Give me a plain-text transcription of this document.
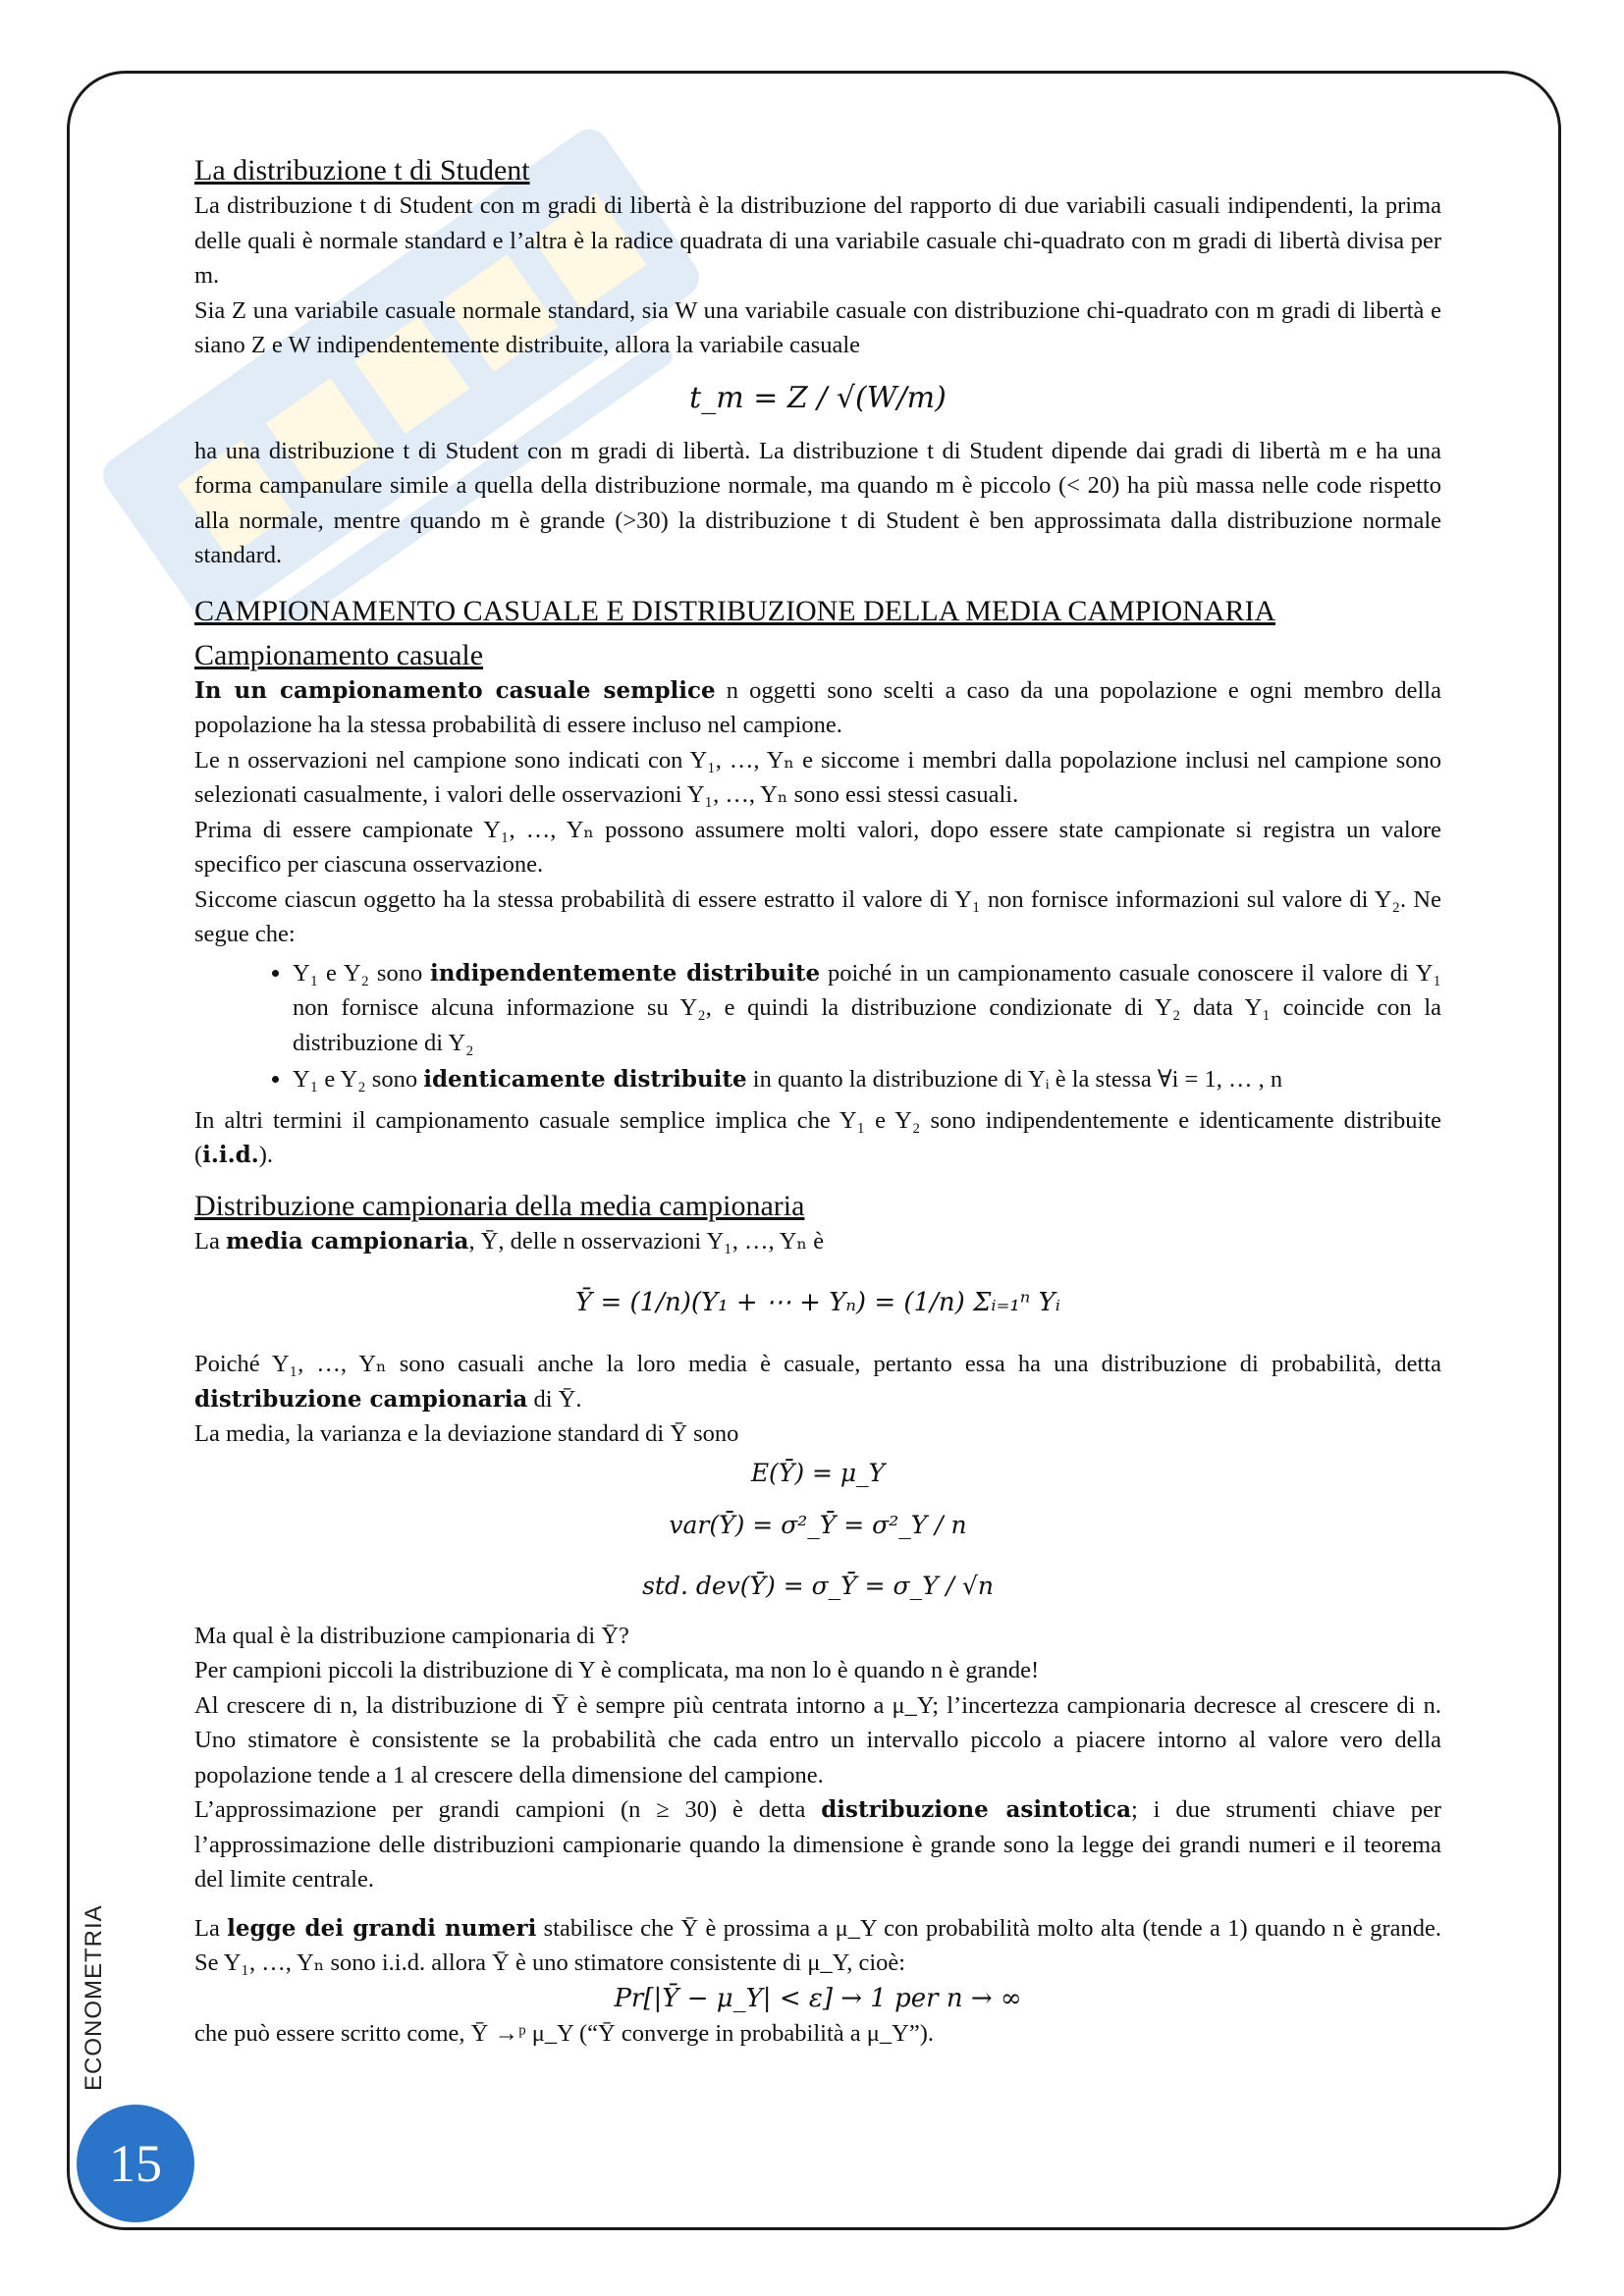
La distribuzione t di Student

La distribuzione t di Student con m gradi di libertà è la distribuzione del rapporto di due variabili casuali indipendenti, la prima delle quali è normale standard e l’altra è la radice quadrata di una variabile casuale chi-quadrato con m gradi di libertà divisa per m.

Sia Z una variabile casuale normale standard, sia W una variabile casuale con distribuzione chi-quadrato con m gradi di libertà e siano Z e W indipendentemente distribuite, allora la variabile casuale

t_m = Z / √(W/m)

ha una distribuzione t di Student con m gradi di libertà. La distribuzione t di Student dipende dai gradi di libertà m e ha una forma campanulare simile a quella della distribuzione normale, ma quando m è piccolo (< 20) ha più massa nelle code rispetto alla normale, mentre quando m è grande (>30) la distribuzione t di Student è ben approssimata dalla distribuzione normale standard.

CAMPIONAMENTO CASUALE E DISTRIBUZIONE DELLA MEDIA CAMPIONARIA
Campionamento casuale

In un campionamento casuale semplice n oggetti sono scelti a caso da una popolazione e ogni membro della popolazione ha la stessa probabilità di essere incluso nel campione.

Le n osservazioni nel campione sono indicati con Y₁, …, Yₙ e siccome i membri dalla popolazione inclusi nel campione sono selezionati casualmente, i valori delle osservazioni Y₁, …, Yₙ sono essi stessi casuali.

Prima di essere campionate Y₁, …, Yₙ possono assumere molti valori, dopo essere state campionate si registra un valore specifico per ciascuna osservazione.

Siccome ciascun oggetto ha la stessa probabilità di essere estratto il valore di Y₁ non fornisce informazioni sul valore di Y₂. Ne segue che:

• Y₁ e Y₂ sono indipendentemente distribuite poiché in un campionamento casuale conoscere il valore di Y₁ non fornisce alcuna informazione su Y₂, e quindi la distribuzione condizionate di Y₂ data Y₁ coincide con la distribuzione di Y₂
• Y₁ e Y₂ sono identicamente distribuite in quanto la distribuzione di Yᵢ è la stessa ∀i = 1, … , n

In altri termini il campionamento casuale semplice implica che Y₁ e Y₂ sono indipendentemente e identicamente distribuite (i.i.d.).

Distribuzione campionaria della media campionaria

La media campionaria, Ȳ, delle n osservazioni Y₁, …, Yₙ è

Ȳ = (1/n)(Y₁ + ⋯ + Yₙ) = (1/n) Σᵢ₌₁ⁿ Yᵢ

Poiché Y₁, …, Yₙ sono casuali anche la loro media è casuale, pertanto essa ha una distribuzione di probabilità, detta distribuzione campionaria di Ȳ.

La media, la varianza e la deviazione standard di Ȳ sono

E(Ȳ) = μ_Y
var(Ȳ) = σ²_Ȳ = σ²_Y / n
std. dev(Ȳ) = σ_Ȳ = σ_Y / √n

Ma qual è la distribuzione campionaria di Ȳ?

Per campioni piccoli la distribuzione di Y è complicata, ma non lo è quando n è grande!

Al crescere di n, la distribuzione di Ȳ è sempre più centrata intorno a μ_Y; l’incertezza campionaria decresce al crescere di n. Uno stimatore è consistente se la probabilità che cada entro un intervallo piccolo a piacere intorno al valore vero della popolazione tende a 1 al crescere della dimensione del campione.

L’approssimazione per grandi campioni (n ≥ 30) è detta distribuzione asintotica; i due strumenti chiave per l’approssimazione delle distribuzioni campionarie quando la dimensione è grande sono la legge dei grandi numeri e il teorema del limite centrale.

La legge dei grandi numeri stabilisce che Ȳ è prossima a μ_Y con probabilità molto alta (tende a 1) quando n è grande. Se Y₁, …, Yₙ sono i.i.d. allora Ȳ è uno stimatore consistente di μ_Y, cioè:

Pr[|Ȳ − μ_Y| < ε] → 1 per n → ∞

che può essere scritto come, Ȳ →ᵖ μ_Y (“Ȳ converge in probabilità a μ_Y”).

ECONOMETRIA
15
